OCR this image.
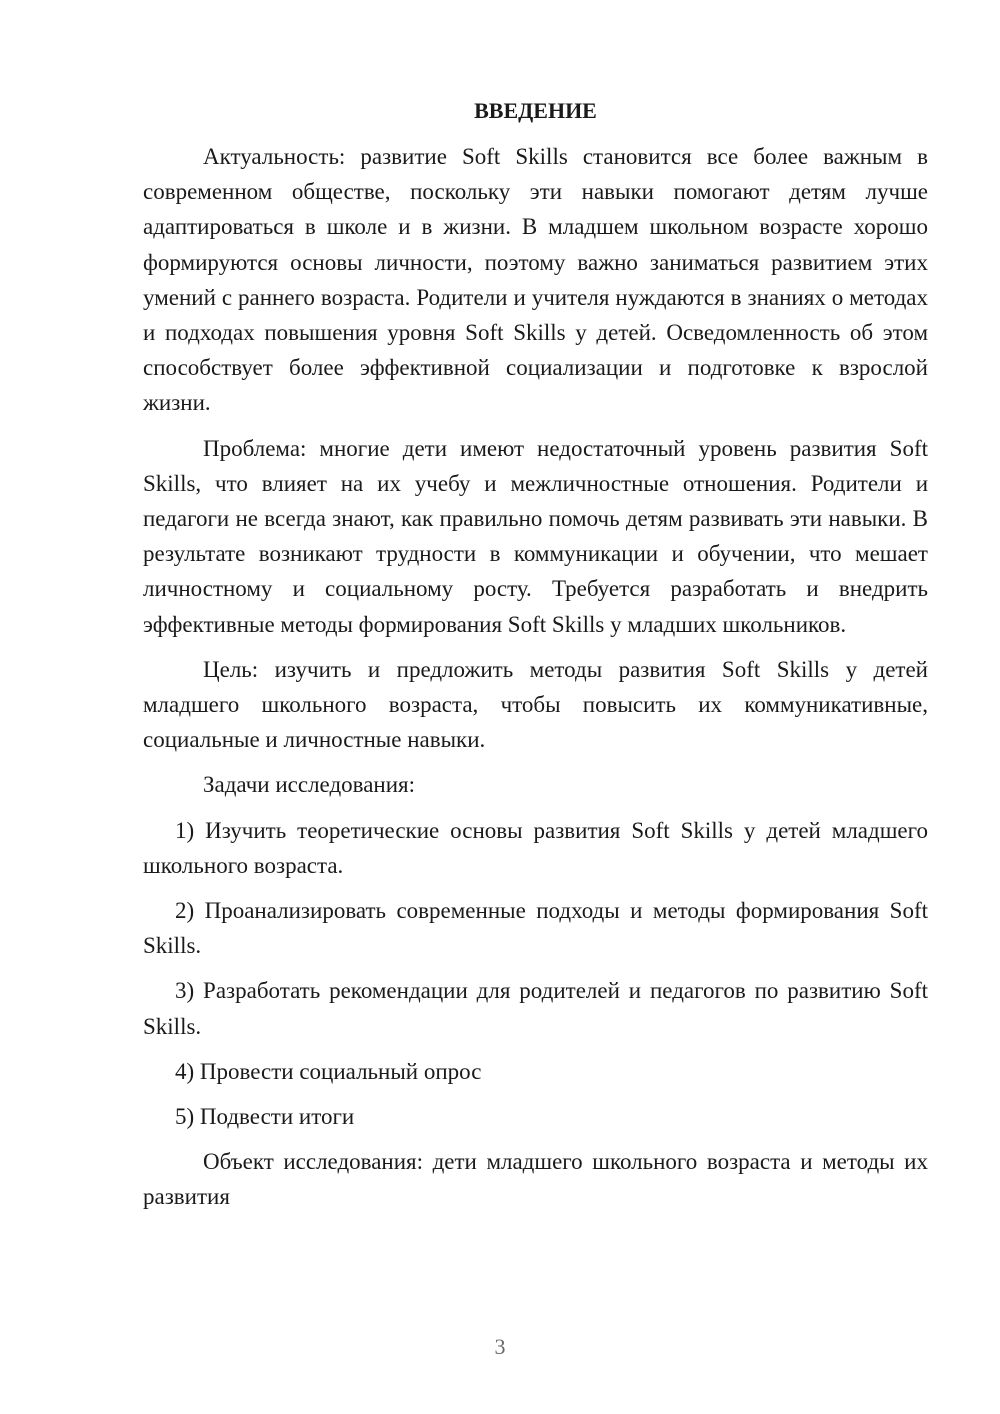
ВВЕДЕНИЕ

Актуальность: развитие Soft Skills становится все более важным в современном обществе, поскольку эти навыки помогают детям лучше адаптироваться в школе и в жизни. В младшем школьном возрасте хорошо формируются основы личности, поэтому важно заниматься развитием этих умений с раннего возраста. Родители и учителя нуждаются в знаниях о методах и подходах повышения уровня Soft Skills у детей. Осведомленность об этом способствует более эффективной социализации и подготовке к взрослой жизни.

Проблема: многие дети имеют недостаточный уровень развития Soft Skills, что влияет на их учебу и межличностные отношения. Родители и педагоги не всегда знают, как правильно помочь детям развивать эти навыки. В результате возникают трудности в коммуникации и обучении, что мешает личностному и социальному росту. Требуется разработать и внедрить эффективные методы формирования Soft Skills у младших школьников.

Цель: изучить и предложить методы развития Soft Skills у детей младшего школьного возраста, чтобы повысить их коммуникативные, социальные и личностные навыки.

Задачи исследования:

1) Изучить теоретические основы развития Soft Skills у детей младшего школьного возраста.

2) Проанализировать современные подходы и методы формирования Soft Skills.

3) Разработать рекомендации для родителей и педагогов по развитию Soft Skills.

4) Провести социальный опрос

5) Подвести итоги

Объект исследования: дети младшего школьного возраста и методы их развития

3
